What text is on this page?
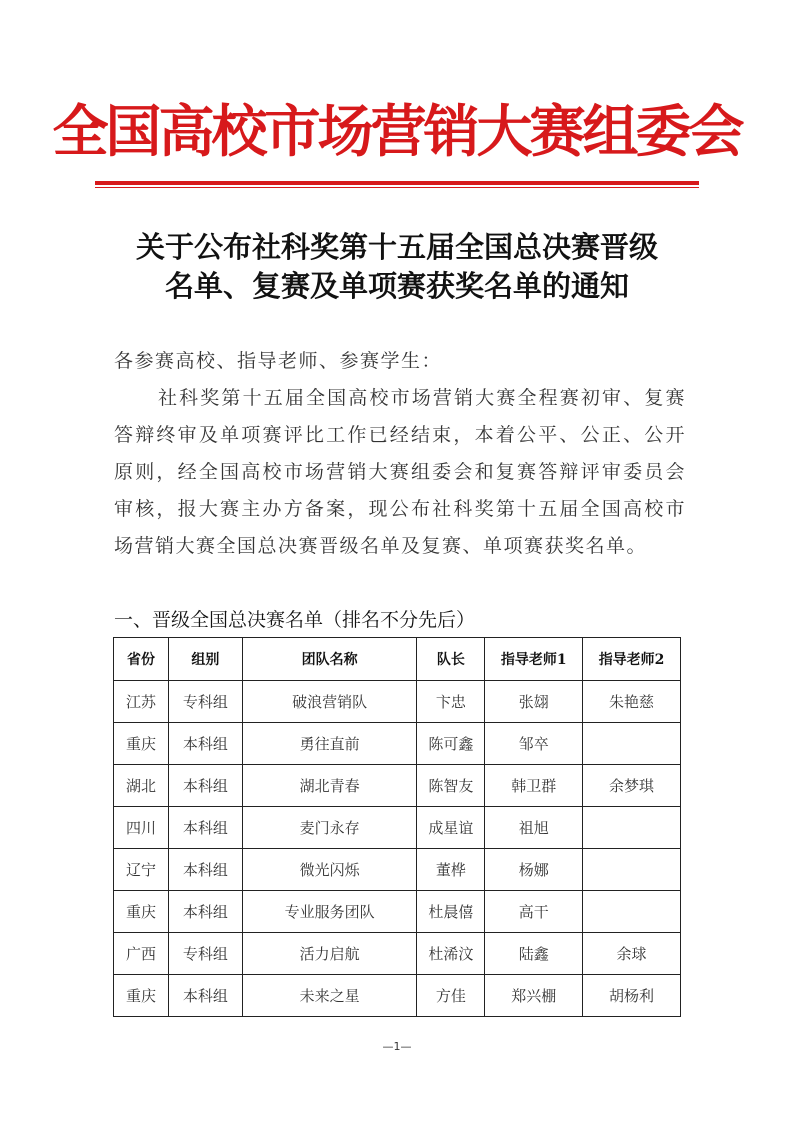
全国高校市场营销大赛组委会
关于公布社科奖第十五届全国总决赛晋级
名单、复赛及单项赛获奖名单的通知
各参赛高校、指导老师、参赛学生：
社科奖第十五届全国高校市场营销大赛全程赛初审、复赛答辩终审及单项赛评比工作已经结束，本着公平、公正、公开原则，经全国高校市场营销大赛组委会和复赛答辩评审委员会审核，报大赛主办方备案，现公布社科奖第十五届全国高校市场营销大赛全国总决赛晋级名单及复赛、单项赛获奖名单。
一、晋级全国总决赛名单（排名不分先后）
省份	组别	团队名称	队长	指导老师1	指导老师2
江苏	专科组	破浪营销队	卞忠	张翃	朱艳慈
重庆	本科组	勇往直前	陈可鑫	邹卒	
湖北	本科组	湖北青春	陈智友	韩卫群	余梦琪
四川	本科组	麦门永存	成星谊	祖旭	
辽宁	本科组	微光闪烁	董桦	杨娜	
重庆	本科组	专业服务团队	杜晨僖	高干	
广西	专科组	活力启航	杜浠汶	陆鑫	余球
重庆	本科组	未来之星	方佳	郑兴棚	胡杨利
—1—
